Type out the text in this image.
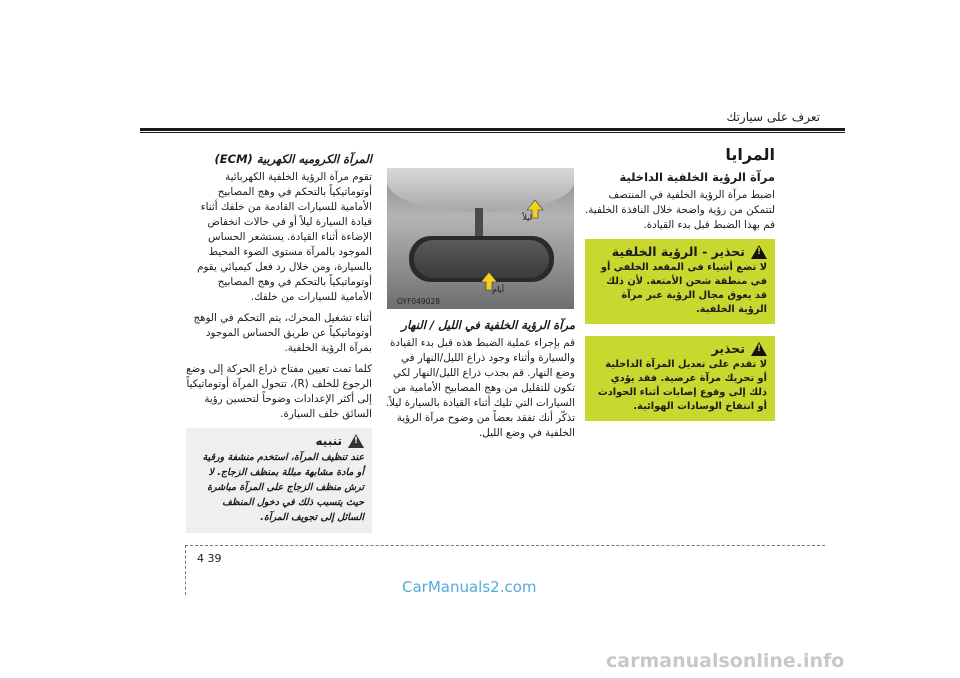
تعرف على سيارتك
المرايا
مرآة الرؤية الخلفية الداخلية

اضبط مرآة الرؤية الخلفية في المنتصف لتتمكن من رؤية واضحة خلال النافذة الخلفية. قم بهذا الضبط قبل بدء القيادة.

!
تحذير - الرؤية الخلفية
لا تضع أشياء في المقعد الخلفي أو في منطقة شحن الأمتعة. لأن ذلك قد يعوق مجال الرؤية عبر مرآة الرؤية الخلفية.
!
تحذير
لا تقدم على تعديل المرآة الداخلية أو تحريك مرآة عرضية. فقد يؤدي ذلك إلى وقوع إصابات أثناء الحوادث أو انتفاخ الوسادات الهوائية.
ليلاً
أيام
OYF049028
مرآة الرؤية الخلفية في الليل / النهار

قم بإجراء عملية الضبط هذه قبل بدء القيادة والسيارة وأثناء وجود ذراع الليل/النهار في وضع النهار. قم بجذب ذراع الليل/النهار لكي تكون للتقليل من وهج المصابيح الأمامية من السيارات التي تليك أثناء القيادة بالسيارة ليلاً. تذكّر أنك تفقد بعضاً من وضوح مرآة الرؤية الخلفية في وضع الليل.

المرآة الكروميه الكهربية (ECM)

تقوم مرآة الرؤية الخلفية الكهربائية أوتوماتيكياً بالتحكم في وهج المصابيح الأمامية للسيارات القادمة من خلفك أثناء قيادة السيارة ليلاً أو في حالات انخفاض الإضاءة أثناء القيادة. يستشعر الحساس الموجود بالمرآة مستوى الضوء المحيط بالسيارة، ومن خلال رد فعل كيميائي يقوم أوتوماتيكياً بالتحكم في وهج المصابيح الأمامية للسيارات من خلفك.

أثناء تشغيل المحرك، يتم التحكم في الوهج أوتوماتيكياً عن طريق الحساس الموجود بمرآة الرؤية الخلفية.

كلما تمت تعيين مفتاح ذراع الحركة إلى وضع الرجوع للخلف (R)، تتحول المرآة أوتوماتيكياً إلى أكثر الإعدادات وضوحاً لتحسين رؤية السائق خلف السيارة.

!
تنبيه
عند تنظيف المرآة، استخدم منشفة ورقية أو مادة مشابهة مبللة بمنظف الزجاج. لا ترش منظف الزجاج على المرآة مباشرة حيث يتسبب ذلك في دخول المنظف السائل إلى تجويف المرآة.
4 39
CarManuals2.com
carmanualsonline.info
